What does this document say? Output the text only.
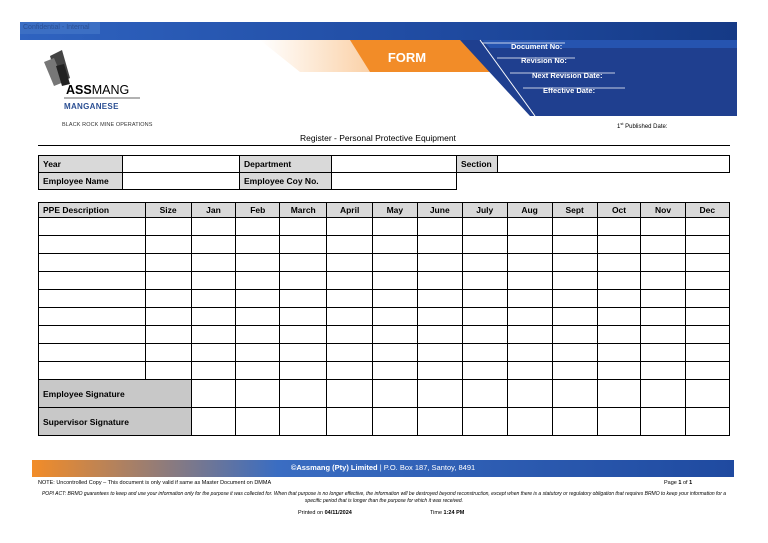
Confidential - Internal
FORM
Document No:
Revision No:
Next Revision Date:
Effective Date:
ASSMANG
MANGANESE
BLACK ROCK MINE OPERATIONS	1st Published Date:
Register - Personal Protective Equipment
Year		Department		Section	
Employee Name		Employee Coy No.			
PPE Description	Size	Jan	Feb	March	April	May	June	July	Aug	Sept	Oct	Nov	Dec

Employee Signature													
Supervisor Signature													
©Assmang (Pty) Limited | P.O. Box 187, Santoy, 8491
NOTE: Uncontrolled Copy – This document is only valid if same as Master Document on DMMA	Page 1 of 1
POPI ACT: BRMO guarantees to keep and use your information only for the purpose it was collected for. When that purpose is no longer effective, the information will be destroyed beyond reconstruction, except when there is a statutory or regulatory obligation that requires BRMO to keep your information for a specific period that is longer than the purpose for which it was received.
Printed on 04/11/2024	Time 1:24 PM
